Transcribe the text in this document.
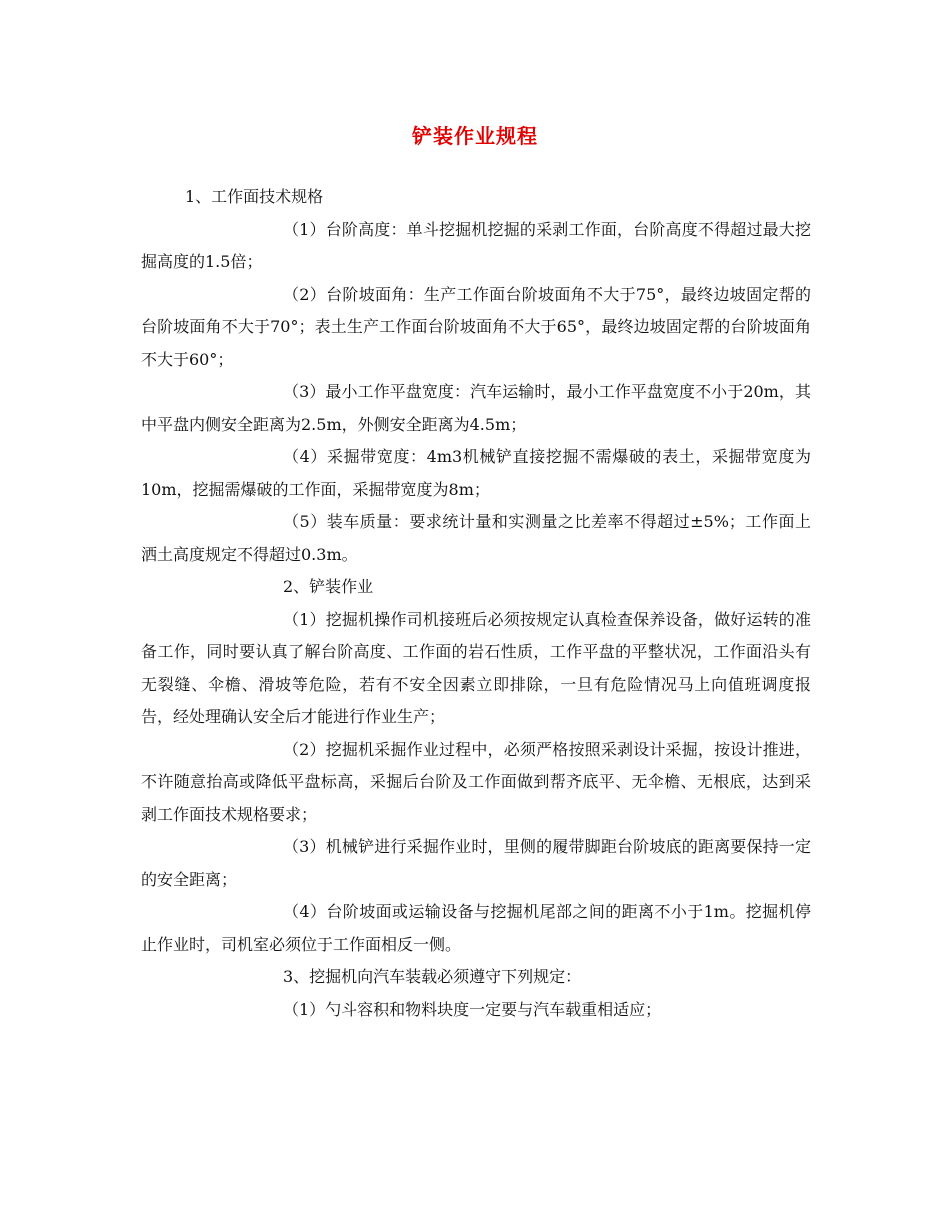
铲装作业规程

1、工作面技术规格

（1）台阶高度：单斗挖掘机挖掘的采剥工作面，台阶高度不得超过最大挖掘高度的1.5倍；

（2）台阶坡面角：生产工作面台阶坡面角不大于75°，最终边坡固定帮的台阶坡面角不大于70°；表土生产工作面台阶坡面角不大于65°，最终边坡固定帮的台阶坡面角不大于60°；

（3）最小工作平盘宽度：汽车运输时，最小工作平盘宽度不小于20m，其中平盘内侧安全距离为2.5m，外侧安全距离为4.5m；

（4）采掘带宽度：4m3机械铲直接挖掘不需爆破的表土，采掘带宽度为10m，挖掘需爆破的工作面，采掘带宽度为8m；

（5）装车质量：要求统计量和实测量之比差率不得超过±5%；工作面上洒土高度规定不得超过0.3m。

2、铲装作业

（1）挖掘机操作司机接班后必须按规定认真检查保养设备，做好运转的准备工作，同时要认真了解台阶高度、工作面的岩石性质，工作平盘的平整状况，工作面沿头有无裂缝、伞檐、滑坡等危险，若有不安全因素立即排除，一旦有危险情况马上向值班调度报告，经处理确认安全后才能进行作业生产；

（2）挖掘机采掘作业过程中，必须严格按照采剥设计采掘，按设计推进，不许随意抬高或降低平盘标高，采掘后台阶及工作面做到帮齐底平、无伞檐、无根底，达到采剥工作面技术规格要求；

（3）机械铲进行采掘作业时，里侧的履带脚距台阶坡底的距离要保持一定的安全距离；

（4）台阶坡面或运输设备与挖掘机尾部之间的距离不小于1m。挖掘机停止作业时，司机室必须位于工作面相反一侧。

3、挖掘机向汽车装载必须遵守下列规定：

（1）勺斗容积和物料块度一定要与汽车载重相适应；
